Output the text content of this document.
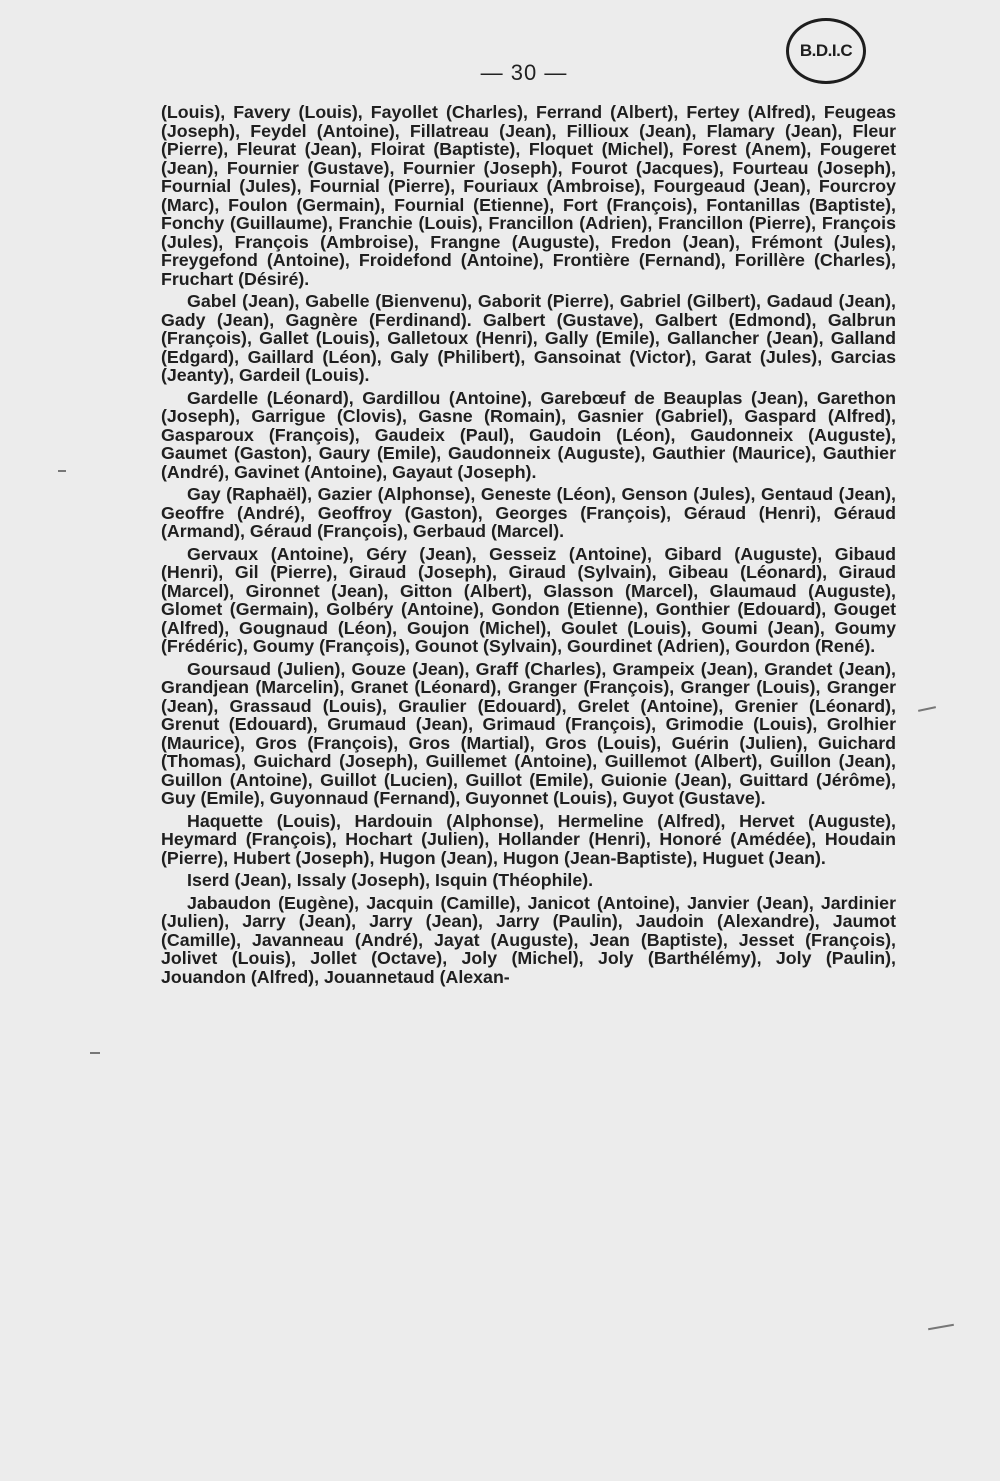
— 30 —
B.D.I.C

(Louis), Favery (Louis), Fayollet (Charles), Ferrand (Albert), Fertey (Alfred), Feugeas (Joseph), Feydel (Antoine), Fillatreau (Jean), Fillioux (Jean), Flamary (Jean), Fleur (Pierre), Fleurat (Jean), Floirat (Baptiste), Floquet (Michel), Forest (Anem), Fougeret (Jean), Fournier (Gustave), Fournier (Joseph), Fourot (Jacques), Fourteau (Joseph), Fournial (Jules), Fournial (Pierre), Fouriaux (Ambroise), Fourgeaud (Jean), Fourcroy (Marc), Foulon (Germain), Fournial (Etienne), Fort (François), Fontanillas (Baptiste), Fonchy (Guillaume), Franchie (Louis), Francillon (Adrien), Francillon (Pierre), François (Jules), François (Ambroise), Frangne (Auguste), Fredon (Jean), Frémont (Jules), Freygefond (Antoine), Froidefond (Antoine), Frontière (Fernand), Forillère (Charles), Fruchart (Désiré).

Gabel (Jean), Gabelle (Bienvenu), Gaborit (Pierre), Gabriel (Gilbert), Gadaud (Jean), Gady (Jean), Gagnère (Ferdinand). Galbert (Gustave), Galbert (Edmond), Galbrun (François), Gallet (Louis), Galletoux (Henri), Gally (Emile), Gallancher (Jean), Galland (Edgard), Gaillard (Léon), Galy (Philibert), Gansoinat (Victor), Garat (Jules), Garcias (Jeanty), Gardeil (Louis).

Gardelle (Léonard), Gardillou (Antoine), Garebœuf de Beauplas (Jean), Garethon (Joseph), Garrigue (Clovis), Gasne (Romain), Gasnier (Gabriel), Gaspard (Alfred), Gasparoux (François), Gaudeix (Paul), Gaudoin (Léon), Gaudonneix (Auguste), Gaumet (Gaston), Gaury (Emile), Gaudonneix (Auguste), Gauthier (Maurice), Gauthier (André), Gavinet (Antoine), Gayaut (Joseph).

Gay (Raphaël), Gazier (Alphonse), Geneste (Léon), Genson (Jules), Gentaud (Jean), Geoffre (André), Geoffroy (Gaston), Georges (François), Géraud (Henri), Géraud (Armand), Géraud (François), Gerbaud (Marcel).

Gervaux (Antoine), Géry (Jean), Gesseiz (Antoine), Gibard (Auguste), Gibaud (Henri), Gil (Pierre), Giraud (Joseph), Giraud (Sylvain), Gibeau (Léonard), Giraud (Marcel), Gironnet (Jean), Gitton (Albert), Glasson (Marcel), Glaumaud (Auguste), Glomet (Germain), Golbéry (Antoine), Gondon (Etienne), Gonthier (Edouard), Gouget (Alfred), Gougnaud (Léon), Goujon (Michel), Goulet (Louis), Goumi (Jean), Goumy (Frédéric), Goumy (François), Gounot (Sylvain), Gourdinet (Adrien), Gourdon (René).

Goursaud (Julien), Gouze (Jean), Graff (Charles), Grampeix (Jean), Grandet (Jean), Grandjean (Marcelin), Granet (Léonard), Granger (François), Granger (Louis), Granger (Jean), Grassaud (Louis), Graulier (Edouard), Grelet (Antoine), Grenier (Léonard), Grenut (Edouard), Grumaud (Jean), Grimaud (François), Grimodie (Louis), Grolhier (Maurice), Gros (François), Gros (Martial), Gros (Louis), Guérin (Julien), Guichard (Thomas), Guichard (Joseph), Guillemet (Antoine), Guillemot (Albert), Guillon (Jean), Guillon (Antoine), Guillot (Lucien), Guillot (Emile), Guionie (Jean), Guittard (Jérôme), Guy (Emile), Guyonnaud (Fernand), Guyonnet (Louis), Guyot (Gustave).

Haquette (Louis), Hardouin (Alphonse), Hermeline (Alfred), Hervet (Auguste), Heymard (François), Hochart (Julien), Hollander (Henri), Honoré (Amédée), Houdain (Pierre), Hubert (Joseph), Hugon (Jean), Hugon (Jean-Baptiste), Huguet (Jean).

Iserd (Jean), Issaly (Joseph), Isquin (Théophile).

Jabaudon (Eugène), Jacquin (Camille), Janicot (Antoine), Janvier (Jean), Jardinier (Julien), Jarry (Jean), Jarry (Jean), Jarry (Paulin), Jaudoin (Alexandre), Jaumot (Camille), Javanneau (André), Jayat (Auguste), Jean (Baptiste), Jesset (François), Jolivet (Louis), Jollet (Octave), Joly (Michel), Joly (Barthélémy), Joly (Paulin), Jouandon (Alfred), Jouannetaud (Alexan-
